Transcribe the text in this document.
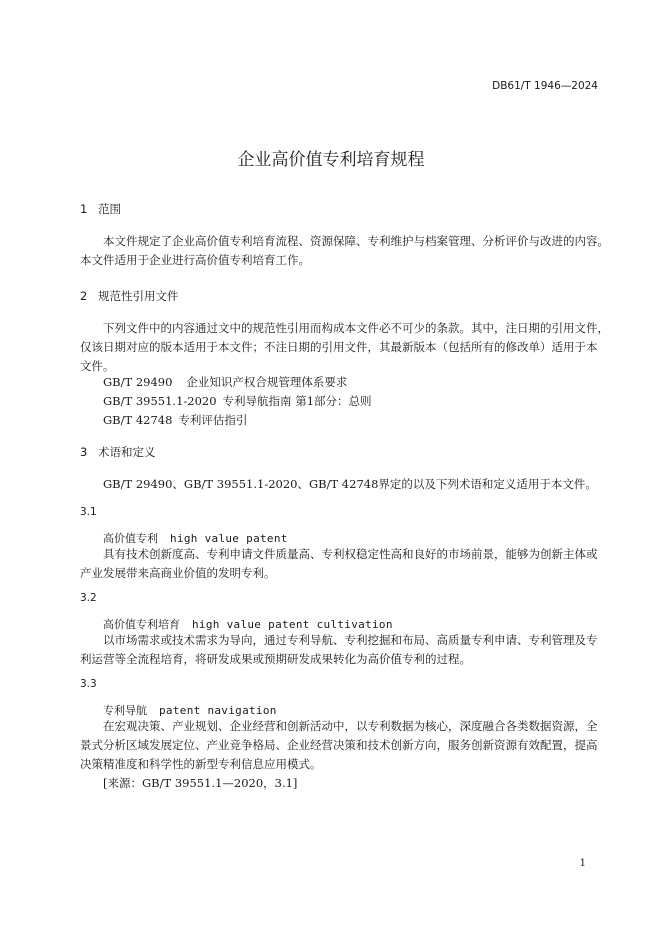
DB61/T 1946—2024
企业高价值专利培育规程
1 范围
本文件规定了企业高价值专利培育流程、资源保障、专利维护与档案管理、分析评价与改进的内容。
本文件适用于企业进行高价值专利培育工作。
2 规范性引用文件
下列文件中的内容通过文中的规范性引用而构成本文件必不可少的条款。其中，注日期的引用文件，
仅该日期对应的版本适用于本文件；不注日期的引用文件，其最新版本（包括所有的修改单）适用于本
文件。
GB/T 29490 企业知识产权合规管理体系要求
GB/T 39551.1-2020 专利导航指南 第1部分：总则
GB/T 42748 专利评估指引
3 术语和定义
GB/T 29490、GB/T 39551.1-2020、GB/T 42748界定的以及下列术语和定义适用于本文件。
3.1
高价值专利 high value patent
具有技术创新度高、专利申请文件质量高、专利权稳定性高和良好的市场前景，能够为创新主体或
产业发展带来高商业价值的发明专利。
3.2
高价值专利培育 high value patent cultivation
以市场需求或技术需求为导向，通过专利导航、专利挖掘和布局、高质量专利申请、专利管理及专
利运营等全流程培育，将研发成果或预期研发成果转化为高价值专利的过程。
3.3
专利导航 patent navigation
在宏观决策、产业规划、企业经营和创新活动中，以专利数据为核心，深度融合各类数据资源，全
景式分析区域发展定位、产业竞争格局、企业经营决策和技术创新方向，服务创新资源有效配置，提高
决策精准度和科学性的新型专利信息应用模式。
[来源：GB/T 39551.1—2020，3.1]
1
